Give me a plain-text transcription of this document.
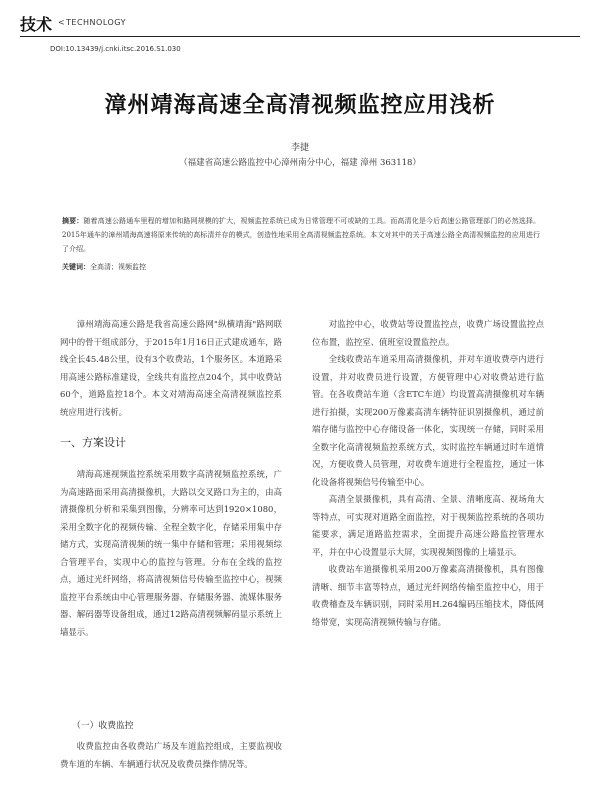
技术 < TECHNOLOGY
DOI:10.13439/j.cnki.itsc.2016.S1.030
漳州靖海高速全高清视频监控应用浅析
李捷
（福建省高速公路监控中心漳州南分中心，福建 漳州 363118）
摘要：随着高速公路通车里程的增加和路网规模的扩大，视频监控系统已成为日常管理不可或缺的工具。而高清化是今后高速公路管理部门的必然选择。2015年通车的漳州靖海高速将原来传统的高标清并存的模式，创造性地采用全高清视频监控系统。本文对其中的关于高速公路全高清视频监控的应用进行了介绍。
关键词：全高清；视频监控

漳州靖海高速公路是我省高速公路网"纵横靖海"路网联网中的骨干组成部分，于2015年1月16日正式建成通车，路线全长45.48公里，设有3个收费站，1个服务区。本道路采用高速公路标准建设，全线共有监控点204个，其中收费站60个，道路监控18个。本文对靖海高速全高清视频监控系统应用进行浅析。

一、方案设计

靖海高速视频监控系统采用数字高清视频监控系统，广为高速路面采用高清摄像机，大路以交叉路口为主的，由高清摄像机分析和采集到图像，分辨率可达到1920×1080，采用全数字化的视频传输、全程全数字化，存储采用集中存储方式，实现高清视频的统一集中存储和管理；采用视频综合管理平台，实现中心的监控与管理。分布在全线的监控点，通过光纤网络，将高清视频信号传输至监控中心，视频监控平台系统由中心管理服务器、存储服务器、流媒体服务器、解码器等设备组成，通过12路高清视频解码显示系统上墙显示。

（一）收费监控

收费监控由各收费站广场及车道监控组成，主要监视收费车道的车辆、车辆通行状况及收费员操作情况等。

对监控中心，收费站等设置监控点，收费广场设置监控点位布置，监控室、值班室设置监控点。

全线收费站车道采用高清摄像机，并对车道收费亭内进行设置，并对收费员进行设置，方便管理中心对收费站进行监管。在各收费站车道（含ETC车道）均设置高清摄像机对车辆进行拍摄，实现200万像素高清车辆特征识别摄像机，通过前端存储与监控中心存储设备一体化，实现统一存储，同时采用全数字化高清视频监控系统方式，实时监控车辆通过时车道情况，方便收费人员管理，对收费车道进行全程监控，通过一体化设备将视频信号传输至中心。

高清全景摄像机，具有高清、全景、清晰度高、视场角大等特点，可实现对道路全面监控，对于视频监控系统的各项功能要求，满足道路监控需求，全面提升高速公路监控管理水平，并在中心设置显示大屏，实现视频图像的上墙显示。

收费站车道摄像机采用200万像素高清摄像机，具有图像清晰、细节丰富等特点，通过光纤网络传输至监控中心，用于收费稽查及车辆识别，同时采用H.264编码压缩技术，降低网络带宽，实现高清视频传输与存储。
